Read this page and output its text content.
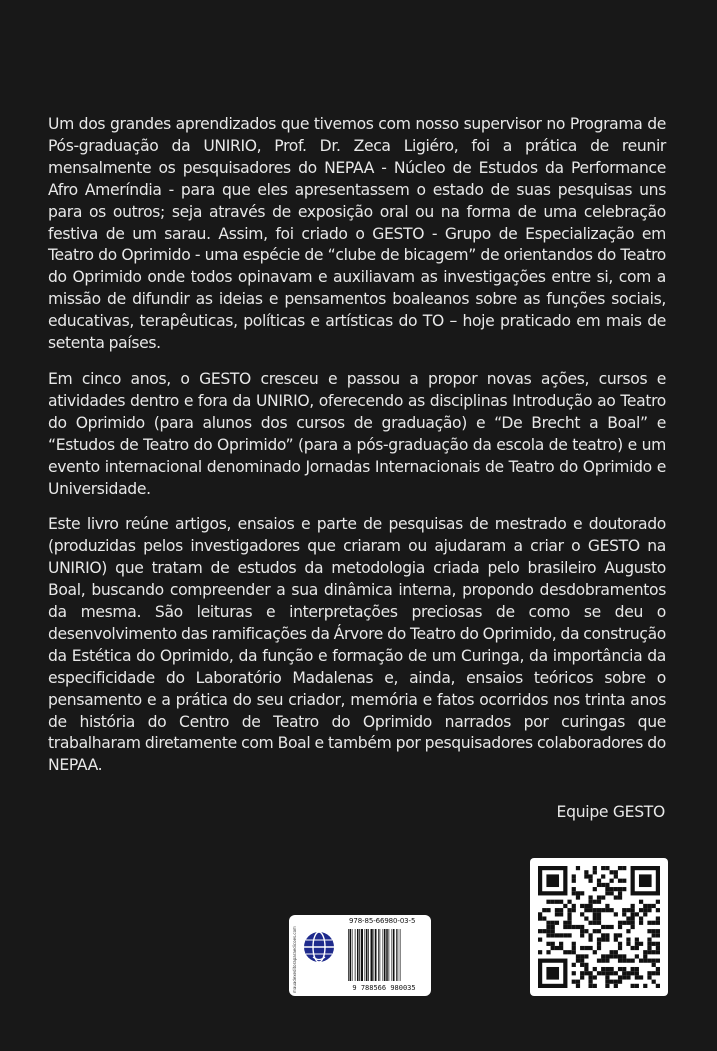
Um dos grandes aprendizados que tivemos com nosso supervisor no Programa de Pós-graduação da UNIRIO, Prof. Dr. Zeca Ligiéro, foi a prática de reunir mensalmente os pesquisadores do NEPAA - Núcleo de Estudos da Performance Afro Ameríndia - para que eles apresentassem o estado de suas pesquisas uns para os outros; seja através de exposição oral ou na forma de uma celebração festiva de um sarau. Assim, foi criado o GESTO - Grupo de Especialização em Teatro do Oprimido - uma espécie de “clube de bicagem” de orientandos do Teatro do Oprimido onde todos opinavam e auxiliavam as investigações entre si, com a missão de difundir as ideias e pensamentos boaleanos sobre as funções sociais, educativas, terapêuticas, políticas e artísticas do TO – hoje praticado em mais de setenta países.

Em cinco anos, o GESTO cresceu e passou a propor novas ações, cursos e atividades dentro e fora da UNIRIO, oferecendo as disciplinas Introdução ao Teatro do Oprimido (para alunos dos cursos de graduação) e “De Brecht a Boal” e “Estudos de Teatro do Oprimido” (para a pós-graduação da escola de teatro) e um evento internacional denominado Jornadas Internacionais de Teatro do Oprimido e Universidade.

Este livro reúne artigos, ensaios e parte de pesquisas de mestrado e doutorado (produzidas pelos investigadores que criaram ou ajudaram a criar o GESTO na UNIRIO) que tratam de estudos da metodologia criada pelo brasileiro Augusto Boal, buscando compreender a sua dinâmica interna, propondo desdobramentos da mesma. São leituras e interpretações preciosas de como se deu o desenvolvimento das ramificações da Árvore do Teatro do Oprimido, da construção da Estética do Oprimido, da função e formação de um Curinga, da importância da especificidade do Laboratório Madalenas e, ainda, ensaios teóricos sobre o pensamento e a prática do seu criador, memória e fatos ocorridos nos trinta anos de história do Centro de Teatro do Oprimido narrados por curingas que trabalharam diretamente com Boal e também por pesquisadores colaboradores do NEPAA.

Equipe GESTO
mauadexeditoraparaedicoes.com
978-85-66980-03-5
9 788566 980035
